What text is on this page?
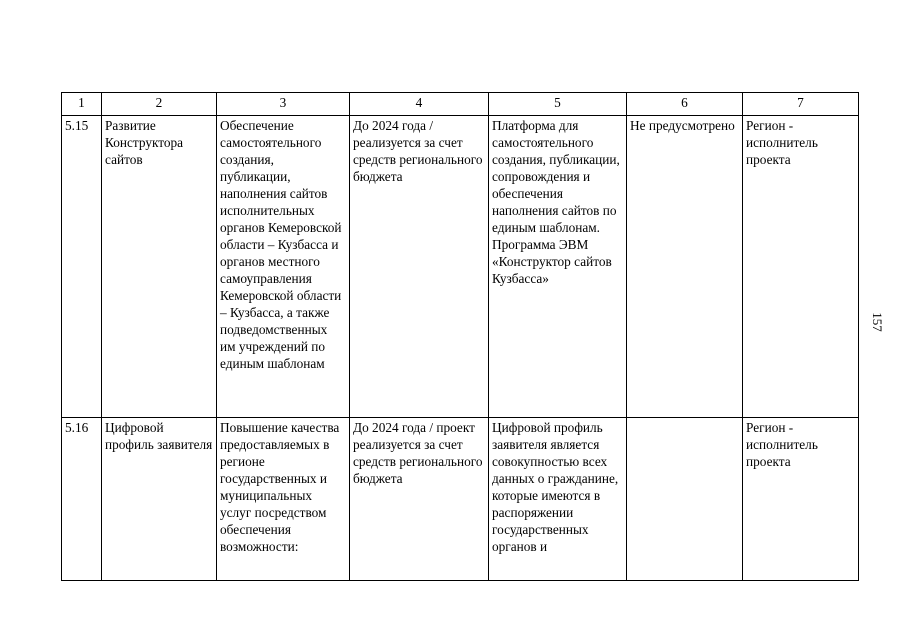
1	2	3	4	5	6	7
5.15	Развитие Конструктора сайтов	Обеспечение самостоятельного создания, публикации, наполнения сайтов исполнительных органов Кемеровской области – Кузбасса и органов местного самоуправления Кемеровской области – Кузбасса, а также подведомственных им учреждений по единым шаблонам	До 2024 года / реализуется за счет средств регионального бюджета	Платформа для самостоятельного создания, публикации, сопровождения и обеспечения наполнения сайтов по единым шаблонам. Программа ЭВМ «Конструктор сайтов Кузбасса»	Не предусмотрено	Регион - исполнитель проекта
5.16	Цифровой профиль заявителя	Повышение качества предоставляемых в регионе государственных и муниципальных услуг посредством обеспечения возможности:	До 2024 года / проект реализуется за счет средств регионального бюджета	Цифровой профиль заявителя является совокупностью всех данных о гражданине, которые имеются в распоряжении государственных органов и		Регион - исполнитель проекта
157
